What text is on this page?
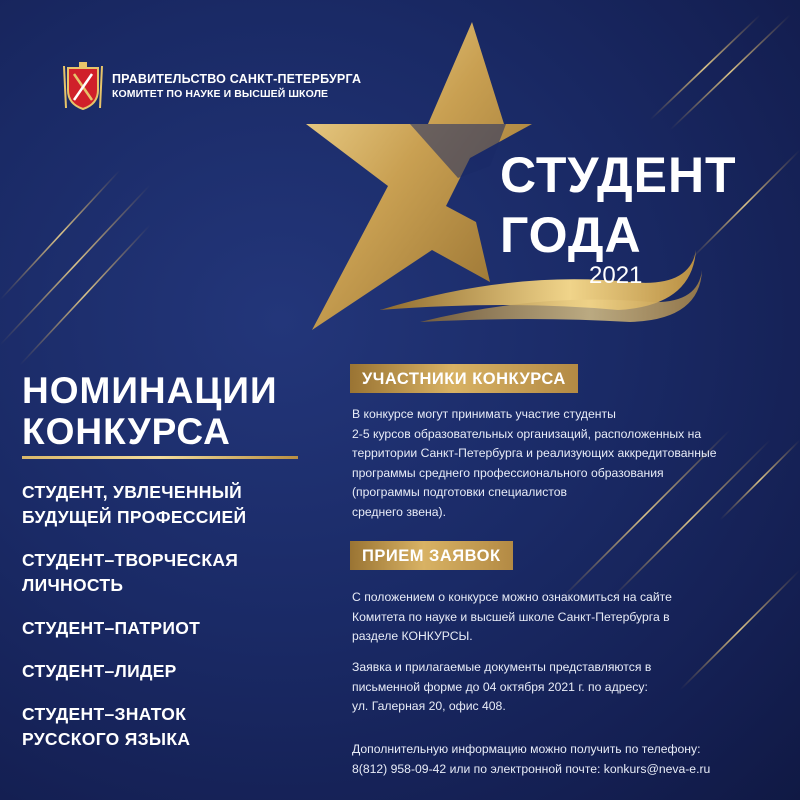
ПРАВИТЕЛЬСТВО САНКТ-ПЕТЕРБУРГА
КОМИТЕТ ПО НАУКЕ И ВЫСШЕЙ ШКОЛЕ
СТУДЕНТ
ГОДА
2021
НОМИНАЦИИ
КОНКУРСА
СТУДЕНТ, УВЛЕЧЕННЫЙ
БУДУЩЕЙ ПРОФЕССИЕЙ
СТУДЕНТ–ТВОРЧЕСКАЯ
ЛИЧНОСТЬ
СТУДЕНТ–ПАТРИОТ
СТУДЕНТ–ЛИДЕР
СТУДЕНТ–ЗНАТОК
РУССКОГО ЯЗЫКА
УЧАСТНИКИ КОНКУРСА
В конкурсе могут принимать участие студенты
2-5 курсов образовательных организаций, расположенных на
территории Санкт-Петербурга и реализующих аккредитованные
программы среднего профессионального образования
(программы подготовки специалистов
среднего звена).
ПРИЕМ ЗАЯВОК
С положением о конкурсе можно ознакомиться на сайте
Комитета по науке и высшей школе Санкт-Петербурга в
разделе КОНКУРСЫ.
Заявка и прилагаемые документы представляются в
письменной форме до 04 октября 2021 г. по адресу:
ул. Галерная 20, офис 408.
Дополнительную информацию можно получить по телефону:
8(812) 958-09-42 или по электронной почте: konkurs@neva-e.ru
